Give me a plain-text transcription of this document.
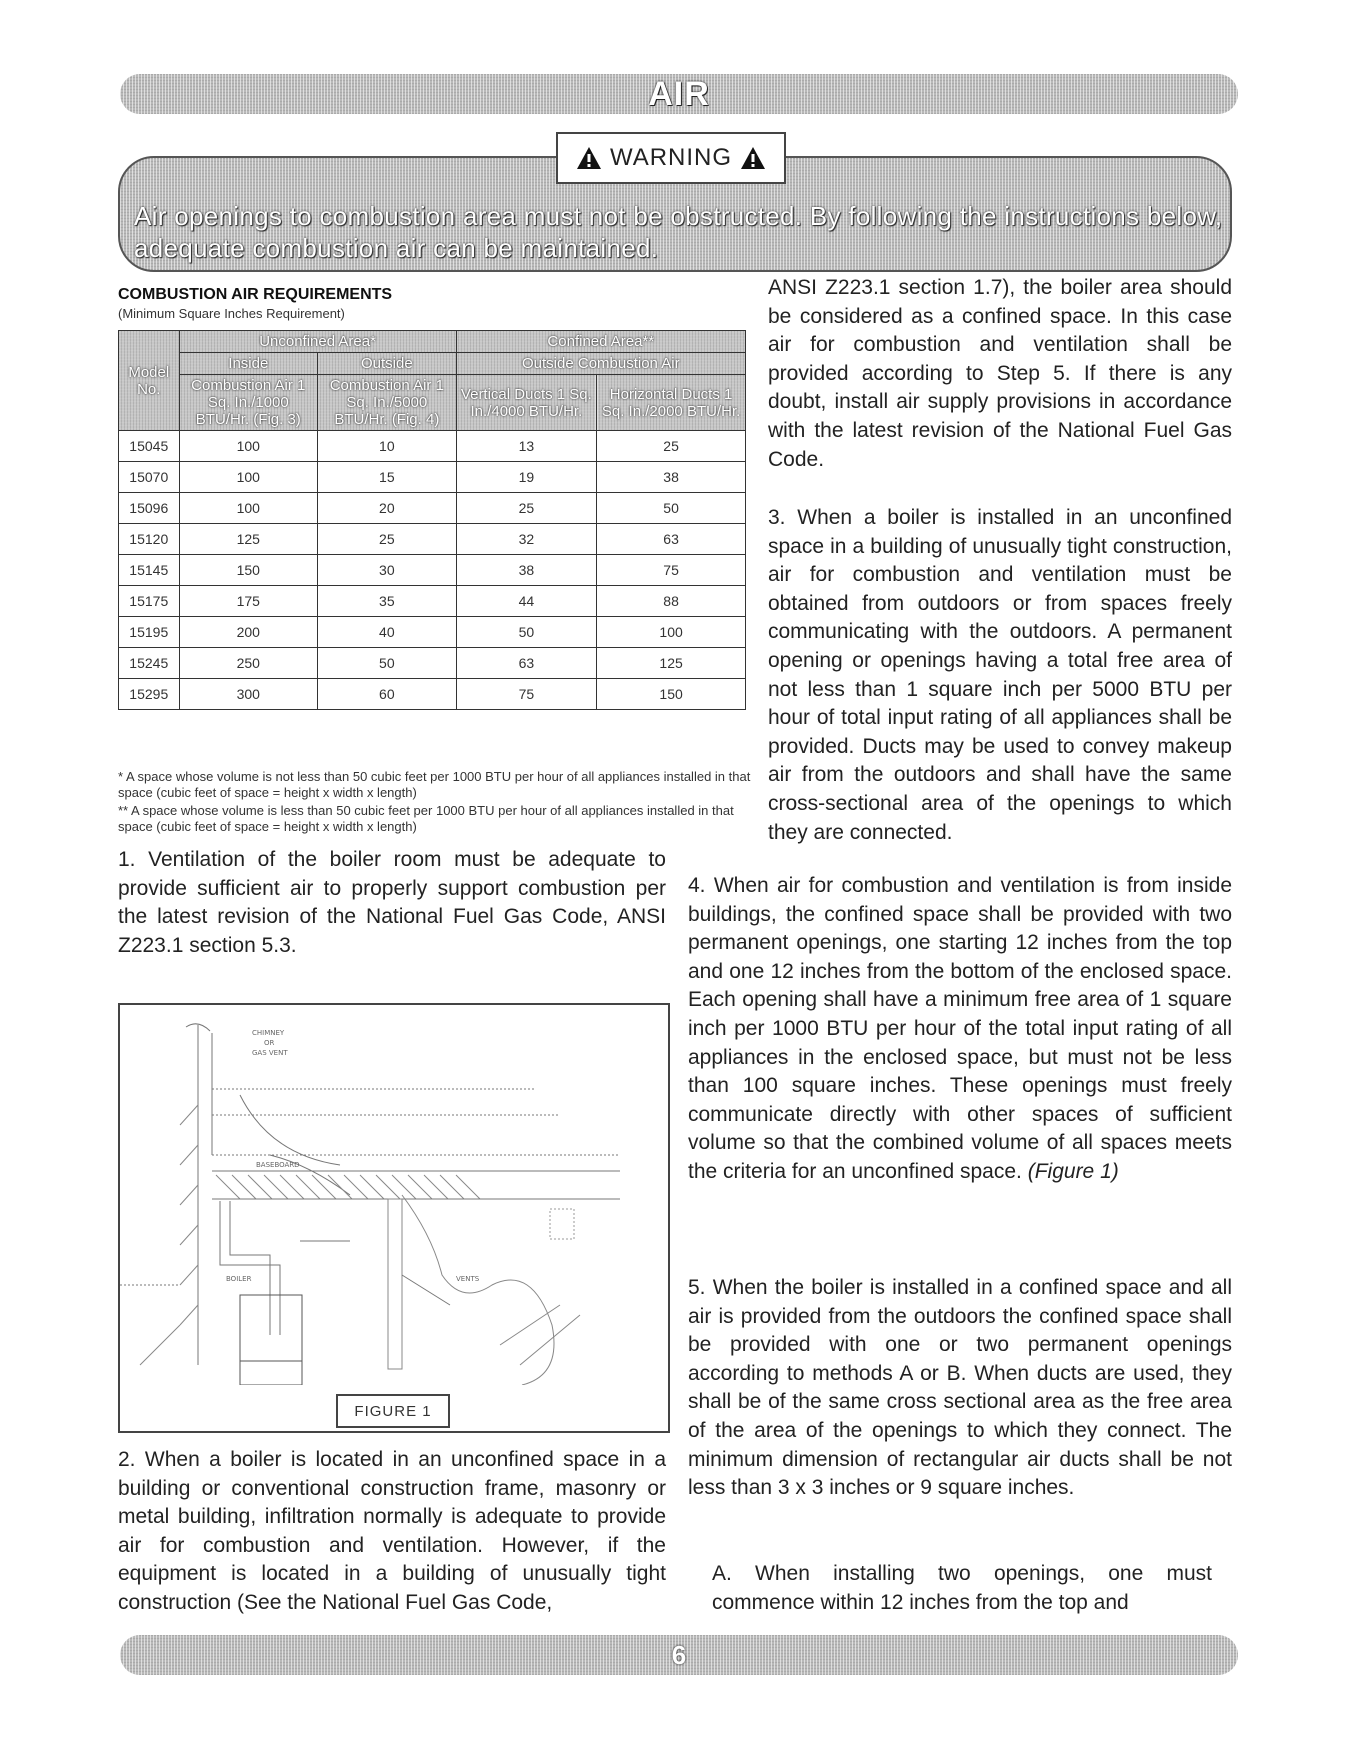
AIR
WARNING
Air openings to combustion area must not be obstructed. By following the instructions below, adequate combustion air can be maintained.
COMBUSTION AIR REQUIREMENTS
(Minimum Square Inches Requirement)
Model No.	Unconfined Area*		Confined Area**	
	Inside	Outside	Outside Combustion Air	
	Combustion Air 1 Sq. In./1000 BTU/Hr. (Fig. 3)	Combustion Air 1 Sq. In./5000 BTU/Hr. (Fig. 4)	Vertical Ducts 1 Sq. In./4000 BTU/Hr.	Horizontal Ducts 1 Sq. In./2000 BTU/Hr.
15045	100	10	13	25
15070	100	15	19	38
15096	100	20	25	50
15120	125	25	32	63
15145	150	30	38	75
15175	175	35	44	88
15195	200	40	50	100
15245	250	50	63	125
15295	300	60	75	150
* A space whose volume is not less than 50 cubic feet per 1000 BTU per hour of all appliances installed in that space (cubic feet of space = height x width x length)
** A space whose volume is less than 50 cubic feet per 1000 BTU per hour of all appliances installed in that space (cubic feet of space = height x width x length)
1. Ventilation of the boiler room must be adequate to provide sufficient air to properly support combustion per the latest revision of the National Fuel Gas Code, ANSI Z223.1 section 5.3.
CHIMNEY
OR
GAS VENT
BASEBOARD
BOILER	VENTS
FIGURE 1
2. When a boiler is located in an unconfined space in a building or conventional construction frame, masonry or metal building, infiltration normally is adequate to provide air for combustion and ventilation. However, if the equipment is located in a building of unusually tight construction (See the National Fuel Gas Code,
ANSI Z223.1 section 1.7), the boiler area should be considered as a confined space. In this case air for combustion and ventilation shall be provided according to Step 5. If there is any doubt, install air supply provisions in accordance with the latest revision of the National Fuel Gas Code.
3. When a boiler is installed in an unconfined space in a building of unusually tight construction, air for combustion and ventilation must be obtained from outdoors or from spaces freely communicating with the outdoors. A permanent opening or openings having a total free area of not less than 1 square inch per 5000 BTU per hour of total input rating of all appliances shall be provided. Ducts may be used to convey makeup air from the outdoors and shall have the same cross-sectional area of the openings to which they are connected.
4. When air for combustion and ventilation is from inside buildings, the confined space shall be provided with two permanent openings, one starting 12 inches from the top and one 12 inches from the bottom of the enclosed space. Each opening shall have a minimum free area of 1 square inch per 1000 BTU per hour of the total input rating of all appliances in the enclosed space, but must not be less than 100 square inches. These openings must freely communicate directly with other spaces of sufficient volume so that the combined volume of all spaces meets the criteria for an unconfined space. (Figure 1)
5. When the boiler is installed in a confined space and all air is provided from the outdoors the confined space shall be provided with one or two permanent openings according to methods A or B. When ducts are used, they shall be of the same cross sectional area as the free area of the area of the openings to which they connect. The minimum dimension of rectangular air ducts shall be not less than 3 x 3 inches or 9 square inches.
A. When installing two openings, one must commence within 12 inches from the top and
6
